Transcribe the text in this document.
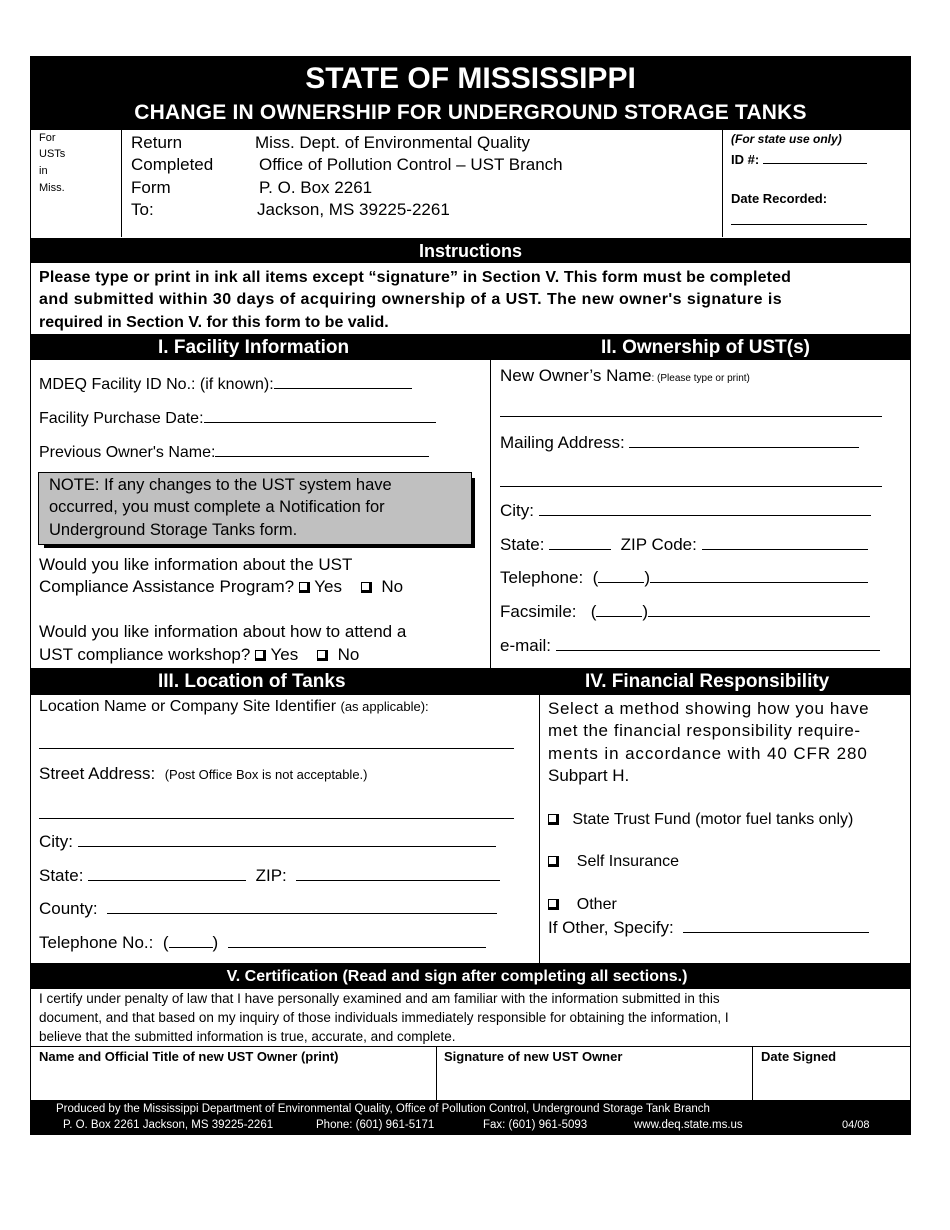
STATE OF MISSISSIPPI
CHANGE IN OWNERSHIP FOR UNDERGROUND STORAGE TANKS
For
USTs
in
Miss.
Return
Completed
Form
To:
Miss. Dept. of Environmental Quality
Office of Pollution Control – UST Branch
P. O. Box 2261
Jackson, MS 39225-2261
(For state use only)
ID #:
Date Recorded:
Instructions
Please type or print in ink all items except “signature” in Section V. This form must be completed
and submitted within 30 days of acquiring ownership of a UST. The new owner's signature is
required in Section V. for this form to be valid.
I. Facility Information	II. Ownership of UST(s)
MDEQ Facility ID No.: (if known):
Facility Purchase Date:
Previous Owner's Name:
NOTE: If any changes to the UST system have
occurred, you must complete a Notification for
Underground Storage Tanks form.
Would you like information about the UST
Compliance Assistance Program? Yes No
Would you like information about how to attend a
UST compliance workshop? Yes No
New Owner’s Name: (Please type or print)
Mailing Address:
City:
State:	ZIP Code:
Telephone: (	)
Facsimile: (	)
e-mail:
III. Location of Tanks	IV. Financial Responsibility
Location Name or Company Site Identifier (as applicable):
Street Address: (Post Office Box is not acceptable.)
City:
State:	ZIP:
County:
Telephone No.: (	)
Select a method showing how you have
met the financial responsibility require-
ments in accordance with 40 CFR 280
Subpart H.
State Trust Fund (motor fuel tanks only)
Self Insurance
Other
If Other, Specify:
V. Certification (Read and sign after completing all sections.)
I certify under penalty of law that I have personally examined and am familiar with the information submitted in this
document, and that based on my inquiry of those individuals immediately responsible for obtaining the information, I
believe that the submitted information is true, accurate, and complete.
Name and Official Title of new UST Owner (print)	Signature of new UST Owner	Date Signed
Produced by the Mississippi Department of Environmental Quality, Office of Pollution Control, Underground Storage Tank Branch
P. O. Box 2261 Jackson, MS 39225-2261	Phone: (601) 961-5171	Fax: (601) 961-5093	www.deq.state.ms.us	04/08
